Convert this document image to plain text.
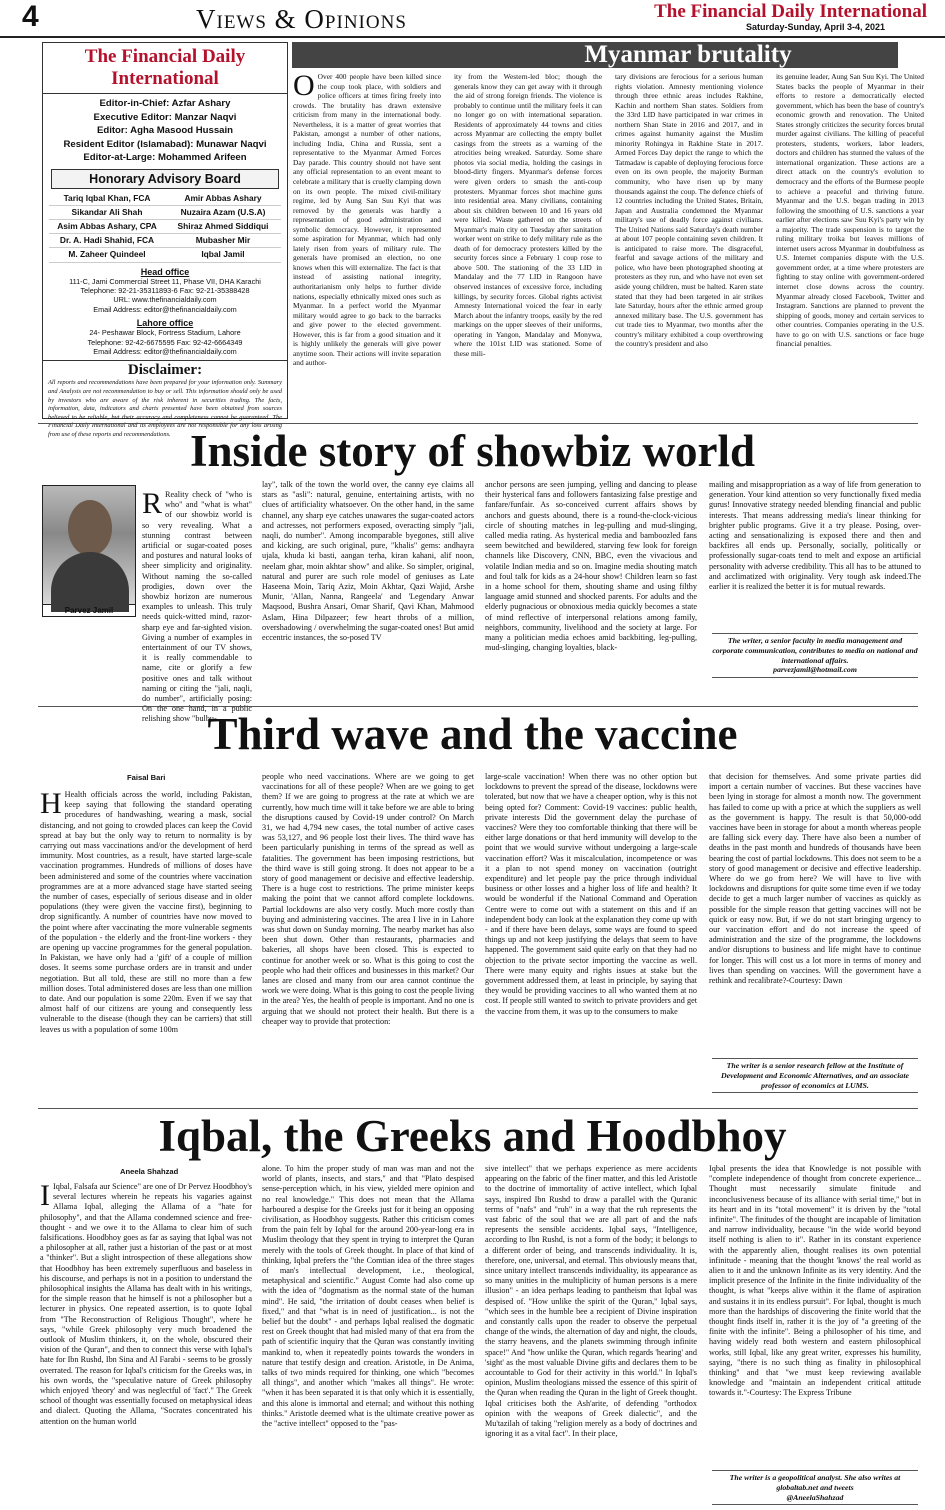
4	Views & Opinions	The Financial Daily International
Saturday-Sunday, April 3-4, 2021
The Financial Daily International
Editor-in-Chief: Azfar Ashary
Executive Editor: Manzar Naqvi
Editor: Agha Masood Hussain
Resident Editor (Islamabad): Munawar Naqvi
Editor-at-Large: Mohammed Arifeen
Honorary Advisory Board
Tariq Iqbal Khan, FCA	Amir Abbas Ashary
Sikandar Ali Shah	Nuzaira Azam (U.S.A)
Asim Abbas Ashary, CPA	Shiraz Ahmed Siddiqui
Dr. A. Hadi Shahid, FCA	Mubasher Mir
M. Zaheer Quindeel	Iqbal Jamil
Head office
111-C, Jami Commercial Street 11, Phase VII, DHA Karachi
Telephone: 92-21-35311893-6 Fax: 92-21-35388428
URL: www.thefinancialdaily.com
Email Address: editor@thefinancialdaily.com
Lahore office
24- Peshawar Block, Fortress Stadium, Lahore
Telephone: 92-42-6675595 Fax: 92-42-6664349
Email Address: editor@thefinancialdaily.com
Disclaimer:
All reports and recommendations have been prepared for your information only. Summary and Analysis are not recommendation to buy or sell. This information should only be used by investors who are aware of the risk inherent in securities trading. The facts, information, data, indicators and charts presented have been obtained from sources believed to be reliable, but their accuracy and completeness cannot be guaranteed. The Financial Daily International and its employees are not responsible for any loss arising from use of these reports and recommendations.
Myanmar brutality
O Over 400 people have been killed since the coup took place, with soldiers and police officers at times firing freely into crowds. The brutality has drawn extensive criticism from many in the international body. Nevertheless, it is a matter of great worries that Pakistan, amongst a number of other nations, including India, China and Russia, sent a representative to the Myanmar Armed Forces Day parade. This country should not have sent any official representation to an event meant to celebrate a military that is cruelly clamping down on its own people. The mixed civil-military regime, led by Aung San Suu Kyi that was removed by the generals was hardly a representation of good administration and symbolic democracy. However, it represented some aspiration for Myanmar, which had only lately risen from years of military rule. The generals have promised an election, no one knows when this will externalize. The fact is that instead of assisting national integrity, authoritarianism only helps to further divide nations, especially ethnically mixed ones such as Myanmar. In a perfect world the Myanmar military would agree to go back to the barracks and give power to the elected government. However, this is far from a good situation and it is highly unlikely the generals will give power anytime soon. Their actions will invite separation and author-
ity from the Western-led bloc; though the generals know they can get away with it through the aid of strong foreign friends. The violence is probably to continue until the military feels it can no longer go on with international separation. Residents of approximately 44 towns and cities across Myanmar are collecting the empty bullet casings from the streets as a warning of the atrocities being wreaked. Saturday. Some share photos via social media, holding the casings in blood-dirty fingers. Myanmar's defense forces were given orders to smash the anti-coup protesters. Myanmar forces shot machine guns into residential area. Many civilians, containing about six children between 10 and 16 years old were killed. Waste gathered on the streets of Myanmar's main city on Tuesday after sanitation worker went on strike to defy military rule as the death of for democracy protesters killed by the security forces since a February 1 coup rose to above 500. The stationing of the 33 LID in Mandalay and the 77 LID in Rangoon have observed instances of excessive force, including killings, by security forces. Global rights activist Amnesty International voiced the fear in early March about the infantry troops, easily by the red markings on the upper sleeves of their uniforms, operating in Yangon, Mandalay and Monywa, where the 101st LID was stationed. Some of these mili-
tary divisions are ferocious for a serious human rights violation. Amnesty mentioning violence through three ethnic areas includes Rakhine, Kachin and northern Shan states. Soldiers from the 33rd LID have participated in war crimes in northern Shan State in 2016 and 2017, and in crimes against humanity against the Muslim minority Rohingya in Rakhine State in 2017. Armed Forces Day depict the range to which the Tatmadaw is capable of deploying ferocious force even on its own people, the majority Burman community, who have risen up by many thousands against the coup. The defence chiefs of 12 countries including the United States, Britain, Japan and Australia condemned the Myanmar military's use of deadly force against civilians. The United Nations said Saturday's death number at about 107 people containing seven children. It is anticipated to raise more. The disgraceful, fearful and savage actions of the military and police, who have been photographed shooting at protesters as they run, and who have not even set aside young children, must be halted. Karen state stated that they had been targeted in air strikes late Saturday, hours after the ethnic armed group annexed military base. The U.S. government has cut trade ties to Myanmar, two months after the country's military exhibited a coup overthrowing the country's president and also
its genuine leader, Aung San Suu Kyi. The United States backs the people of Myanmar in their efforts to restore a democratically elected government, which has been the base of country's economic growth and renovation. The United States strongly criticizes the security forces brutal murder against civilians. The killing of peaceful protesters, students, workers, labor leaders, doctors and children has stunned the values of the international organization. These actions are a direct attack on the country's evolution to democracy and the efforts of the Burmese people to achieve a peaceful and thriving future. Myanmar and the U.S. began trading in 2013 following the smoothing of U.S. sanctions a year earlier after elections saw Suu Kyi's party win by a majority. The trade suspension is to target the ruling military troika but leaves millions of internet users across Myanmar in doubtfulness as U.S. Internet companies dispute with the U.S. government order, at a time where protesters are fighting to stay online with government-ordered internet close downs across the country. Myanmar already closed Facebook, Twitter and Instagram. Sanctions are planned to prevent the shipping of goods, money and certain services to other countries. Companies operating in the U.S. have to go on with U.S. sanctions or face huge financial penalties.
Inside story of showbiz world
Parvez Jamil
R Reality check of "who is who" and "what is what" of our showbiz world is so very revealing. What a stunning contrast between artificial or sugar-coated poses and postures and natural looks of sheer simplicity and originality. Without naming the so-called prodigies, down over the showbiz horizon are numerous examples to unleash. This truly needs quick-witted mind, razor-sharp eye and far-sighted vision. Giving a number of examples in entertainment of our TV shows, it is really commendable to name, cite or glorify a few positive ones and talk without naming or citing the "jali, naqli, do number", artificially posing: On the one hand, in a public relishing show "bulbu-
lay", talk of the town the world over, the canny eye claims all stars as "asli": natural, genuine, entertaining artists, with no clues of artificiality whatsoever. On the other hand, in the same channel, any sharp eye catches unawares the sugar-coated actors and actresses, not performers exposed, overacting simply "jali, naqli, do number". Among incomparable byegones, still alive and kicking, are such original, pure, "khalis" gems: andhayra ujala, khuda ki basti, aangan terha, kiran kahani, alif noon, neelam ghar, moin akhtar show" and alike. So simpler, original, natural and purer are such role model of geniuses as Late Haseena Moin, Tariq Aziz, Moin Akhtar, Qazi Wajid, Arshe Munir, 'Allan, Nanna, Rangeela' and 'Legendary Anwar Maqsood, Bushra Ansari, Omar Sharif, Qavi Khan, Mahmood Aslam, Hina Dilpazeer; few heart throbs of a million, overshadowing / overwhelming the sugar-coated ones! But amid eccentric instances, the so-posed TV
anchor persons are seen jumping, yelling and dancing to please their hysterical fans and followers fantasizing false prestige and fanfare/funfair. As so-conceived current affairs shows by anchors and guests abound, there is a round-the-clock-vicious circle of shouting matches in leg-pulling and mud-slinging, called media rating. As hysterical media and bamboozled fans seem bewitched and bewildered, starving few look for foreign channels like Discovery, CNN, BBC, even the vivacious and volatile Indian media and so on. Imagine media shouting match and foul talk for kids as a 24-hour show! Children learn so fast in a home school for them, shouting shame and using filthy language amid stunned and shocked parents. For adults and the elderly pugnacious or obnoxious media quickly becomes a state of mind reflective of interpersonal relations among family, neighbors, community, livelihood and the society at large. For many a politician media echoes amid backbiting, leg-pulling, mud-slinging, changing loyalties, black-
mailing and misappropriation as a way of life from generation to generation. Your kind attention so very functionally fixed media gurus! Innovative strategy needed blending financial and public interests. That means addressing media's linear thinking for brighter public programs. Give it a try please. Posing, over-acting and sensationalizing is exposed there and then and backfires all ends up. Personally, socially, politically or professionally sugar-coats tend to melt and expose an artificial personality with adverse credibility. This all has to be attuned to and acclimatized with originality. Very tough ask indeed.The earlier it is realized the better it is for mutual rewards.
The writer, a senior faculty in media management and corporate communication, contributes to media on national and international affairs.
parvezjamil@hotmail.com
Third wave and the vaccine
Faisal Bari
H Health officials across the world, including Pakistan, keep saying that following the standard operating procedures of handwashing, wearing a mask, social distancing, and not going to crowded places can keep the Covid spread at bay but the only way to return to normality is by carrying out mass vaccinations and/or the development of herd immunity. Most countries, as a result, have started large-scale vaccination programmes. Hundreds of millions of doses have been administered and some of the countries where vaccination programmes are at a more advanced stage have started seeing the number of cases, especially of serious disease and in older populations (they were given the vaccine first), beginning to drop significantly. A number of countries have now moved to the point where after vaccinating the more vulnerable segments of the population - the elderly and the front-line workers - they are opening up vaccine programmes for the general population. In Pakistan, we have only had a 'gift' of a couple of million doses. It seems some purchase orders are in transit and under negotiation. But all told, these are still no more than a few million doses. Total administered doses are less than one million to date. And our population is some 220m. Even if we say that almost half of our citizens are young and consequently less vulnerable to the disease (though they can be carriers) that still leaves us with a population of some 100m
people who need vaccinations. Where are we going to get vaccinations for all of these people? When are we going to get them? If we are going to progress at the rate at which we are currently, how much time will it take before we are able to bring the disruptions caused by Covid-19 under control? On March 31, we had 4,794 new cases, the total number of active cases was 53,127, and 96 people lost their lives. The third wave has been particularly punishing in terms of the spread as well as fatalities. The government has been imposing restrictions, but the third wave is still going strong. It does not appear to be a story of good management or decisive and effective leadership. There is a huge cost to restrictions. The prime minister keeps making the point that we cannot afford complete lockdowns. Partial lockdowns are also very costly. Much more costly than buying and administering vaccines. The area I live in in Lahore was shut down on Sunday morning. The nearby market has also been shut down. Other than restaurants, pharmacies and bakeries, all shops have been closed. This is expected to continue for another week or so. What is this going to cost the people who had their offices and businesses in this market? Our lanes are closed and many from our area cannot continue the work we were doing. What is this going to cost the people living in the area? Yes, the health of people is important. And no one is arguing that we should not protect their health. But there is a cheaper way to provide that protection:
large-scale vaccination! When there was no other option but lockdowns to prevent the spread of the disease, lockdowns were tolerated, but now that we have a cheaper option, why is this not being opted for? Comment: Covid-19 vaccines: public health, private interests Did the government delay the purchase of vaccines? Were they too comfortable thinking that there will be either large donations or that herd immunity will develop to the point that we would survive without undergoing a large-scale vaccination effort? Was it miscalculation, incompetence or was it a plan to not spend money on vaccination (outright expenditure) and let people pay the price through individual business or other losses and a higher loss of life and health? It would be wonderful if the National Command and Operation Centre were to come out with a statement on this and if an independent body can look at the explanation they come up with - and if there have been delays, some ways are found to speed things up and not keep justifying the delays that seem to have happened. The government said quite early on that they had no objection to the private sector importing the vaccine as well. There were many equity and rights issues at stake but the government addressed them, at least in principle, by saying that they would be providing vaccines to all who wanted them at no cost. If people still wanted to switch to private providers and get the vaccine from them, it was up to the consumers to make
that decision for themselves. And some private parties did import a certain number of vaccines. But these vaccines have been lying in storage for almost a month now. The government has failed to come up with a price at which the suppliers as well as the government is happy. The result is that 50,000-odd vaccines have been in storage for about a month whereas people are falling sick every day. There have also been a number of deaths in the past month and hundreds of thousands have been bearing the cost of partial lockdowns. This does not seem to be a story of good management or decisive and effective leadership. Where do we go from here? We will have to live with lockdowns and disruptions for quite some time even if we today decide to get a much larger number of vaccines as quickly as possible for the simple reason that getting vaccines will not be quick or easy now. But, if we do not start bringing urgency to our vaccination effort and do not increase the speed of administration and the size of the programme, the lockdowns and/or disruptions to business and life might have to continue for longer. This will cost us a lot more in terms of money and lives than spending on vaccines. Will the government have a rethink and recalibrate?-Courtesy: Dawn
The writer is a senior research fellow at the Institute of Development and Economic Alternatives, and an associate professor of economics at LUMS.
Iqbal, the Greeks and Hoodbhoy
Aneela Shahzad
I Iqbal, Falsafa aur Science" are one of Dr Pervez Hoodbhoy's several lectures wherein he repeats his vagaries against Allama Iqbal, alleging the Allama of a "hate for philosophy", and that the Allama condemned science and free-thought - and we owe it to the Allama to clear him of such falsifications. Hoodbhoy goes as far as saying that Iqbal was not a philosopher at all, rather just a historian of the past or at most a "thinker". But a slight introspection of these allegations show that Hoodbhoy has been extremely superfluous and baseless in his discourse, and perhaps is not in a position to understand the philosophical insights the Allama has dealt with in his writings, for the simple reason that he himself is not a philosopher but a lecturer in physics. One repeated assertion, is to quote Iqbal from "The Reconstruction of Religious Thought", where he says, "while Greek philosophy very much broadened the outlook of Muslim thinkers, it, on the whole, obscured their vision of the Quran", and then to connect this verse with Iqbal's hate for Ibn Rushd, Ibn Sina and Al Farabi - seems to be grossly overrated. The reason for Iqbal's criticism for the Greeks was, in his own words, the "speculative nature of Greek philosophy which enjoyed 'theory' and was neglectful of 'fact'." The Greek school of thought was essentially focused on metaphysical ideas and dialect. Quoting the Allama, "Socrates concentrated his attention on the human world
alone. To him the proper study of man was man and not the world of plants, insects, and stars," and that "Plato despised sense-perception which, in his view, yielded mere opinion and no real knowledge." This does not mean that the Allama harboured a despise for the Greeks just for it being an opposing civilisation, as Hoodbhoy suggests. Rather this criticism comes from the pain felt by Iqbal for the around 200-year-long era in Muslim theology that they spent in trying to interpret the Quran merely with the tools of Greek thought. In place of that kind of thinking, Iqbal prefers the "the Comtian idea of the three stages of man's intellectual development, i.e., theological, metaphysical and scientific." August Comte had also come up with the idea of "dogmatism as the normal state of the human mind". He said, "the irritation of doubt ceases when belief is fixed," and that "what is in need of justification... is not the belief but the doubt" - and perhaps Iqbal realised the dogmatic rest on Greek thought that had misled many of that era from the path of scientific inquiry that the Quran was constantly inviting mankind to, when it repeatedly points towards the wonders in nature that testify design and creation. Aristotle, in De Anima, talks of two minds required for thinking, one which "becomes all things", and another which "makes all things". He wrote: "when it has been separated it is that only which it is essentially, and this alone is immortal and eternal; and without this nothing thinks." Aristotle deemed what is the ultimate creative power as the "active intellect" opposed to the "pas-
sive intellect" that we perhaps experience as mere accidents appearing on the fabric of the finer matter, and this led Aristotle to the doctrine of immortality of active intellect, which Iqbal says, inspired Ibn Rushd to draw a parallel with the Quranic terms of "nafs" and "ruh" in a way that the ruh represents the vast fabric of the soul that we are all part of and the nafs represents the sensible accidents. Iqbal says, "Intelligence, according to Ibn Rushd, is not a form of the body; it belongs to a different order of being, and transcends individuality. It is, therefore, one, universal, and eternal. This obviously means that, since unitary intellect transcends individuality, its appearance as so many unities in the multiplicity of human persons is a mere illusion" - an idea perhaps leading to pantheism that Iqbal was despised of. "How unlike the spirit of the Quran," Iqbal says, "which sees in the humble bee a recipient of Divine inspiration and constantly calls upon the reader to observe the perpetual change of the winds, the alternation of day and night, the clouds, the starry heavens, and the planets swimming through infinite space!" And "how unlike the Quran, which regards 'hearing' and 'sight' as the most valuable Divine gifts and declares them to be accountable to God for their activity in this world." In Iqbal's opinion, Muslim theologians missed the essence of this spirit of the Quran when reading the Quran in the light of Greek thought. Iqbal criticises both the Ash'arite, of defending "orthodox opinion with the weapons of Greek dialectic", and the Mu'tazilah of taking "religion merely as a body of doctrines and ignoring it as a vital fact". In their place,
Iqbal presents the idea that Knowledge is not possible with "complete independence of thought from concrete experience... Thought must necessarily simulate finitude and inconclusiveness because of its alliance with serial time," but in its heart and in its "total movement" it is driven by the "total infinite". The finitudes of the thought are incapable of limitation and narrow individuality, because "in the wide world beyond itself nothing is alien to it". Rather in its constant experience with the apparently alien, thought realises its own potential infinitude - meaning that the thought 'knows' the real world as alien to it and the unknown Infinite as its very identity. And the implicit presence of the Infinite in the finite individuality of the thought, is what "keeps alive within it the flame of aspiration and sustains it in its endless pursuit". For Iqbal, thought is much more than the hardships of discovering the finite world that the thought finds itself in, rather it is the joy of "a greeting of the finite with the infinite". Being a philosopher of his time, and having widely read both western and eastern philosophical works, still Iqbal, like any great writer, expresses his humility, saying, "there is no such thing as finality in philosophical thinking" and that "we must keep reviewing available knowledge and "maintain an independent critical attitude towards it."-Courtesy: The Express Tribune
The writer is a geopolitical analyst. She also writes at globaltab.net and tweets
@AneelaShahzad
